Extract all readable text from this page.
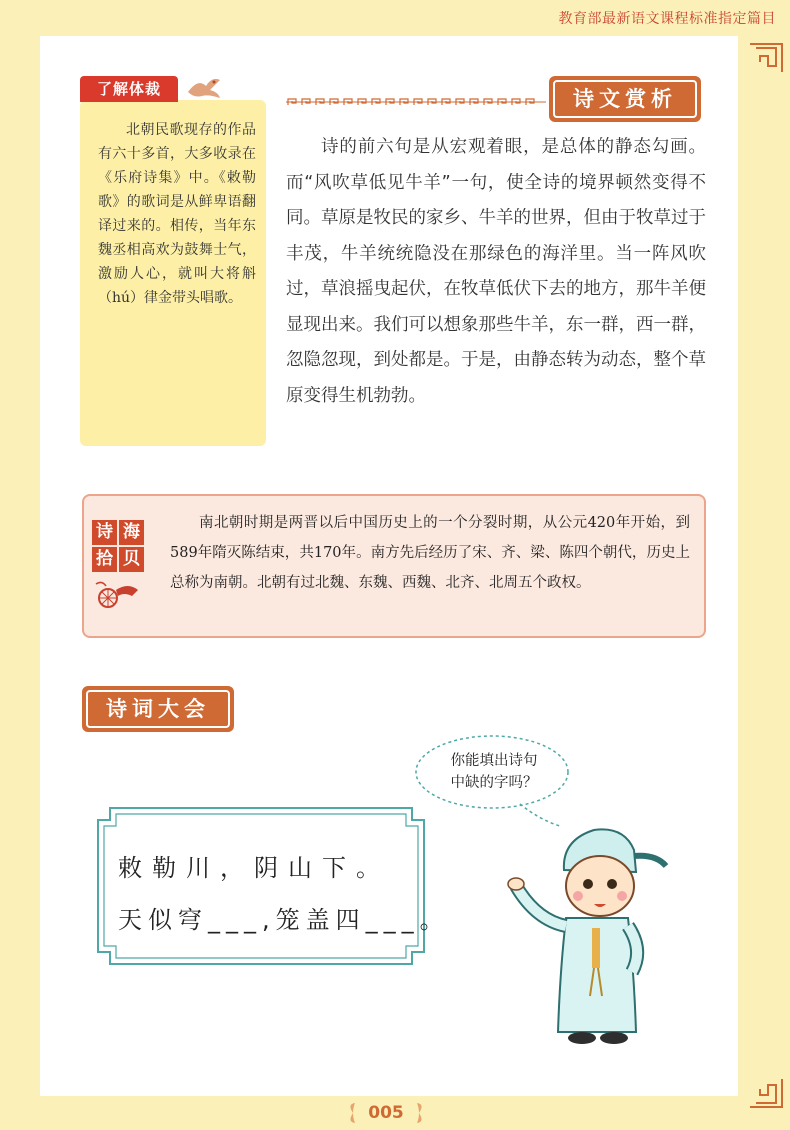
教育部最新语文课程标准指定篇目
了解体裁

北朝民歌现存的作品有六十多首，大多收录在《乐府诗集》中。《敕勒歌》的歌词是从鲜卑语翻译过来的。相传，当年东魏丞相高欢为鼓舞士气，激励人心，就叫大将斛（hú）律金带头唱歌。

诗文赏析

诗的前六句是从宏观着眼，是总体的静态勾画。而“风吹草低见牛羊”一句，使全诗的境界顿然变得不同。草原是牧民的家乡、牛羊的世界，但由于牧草过于丰茂，牛羊统统隐没在那绿色的海洋里。当一阵风吹过，草浪摇曳起伏，在牧草低伏下去的地方，那牛羊便显现出来。我们可以想象那些牛羊，东一群，西一群，忽隐忽现，到处都是。于是，由静态转为动态，整个草原变得生机勃勃。

诗 海
拾 贝

南北朝时期是两晋以后中国历史上的一个分裂时期，从公元420年开始，到589年隋灭陈结束，共170年。南方先后经历了宋、齐、梁、陈四个朝代，历史上总称为南朝。北朝有过北魏、东魏、西魏、北齐、北周五个政权。

诗词大会
你能填出诗句
中缺的字吗？
敕勒川，阴山下。
天似穹___,笼盖四___。
005
